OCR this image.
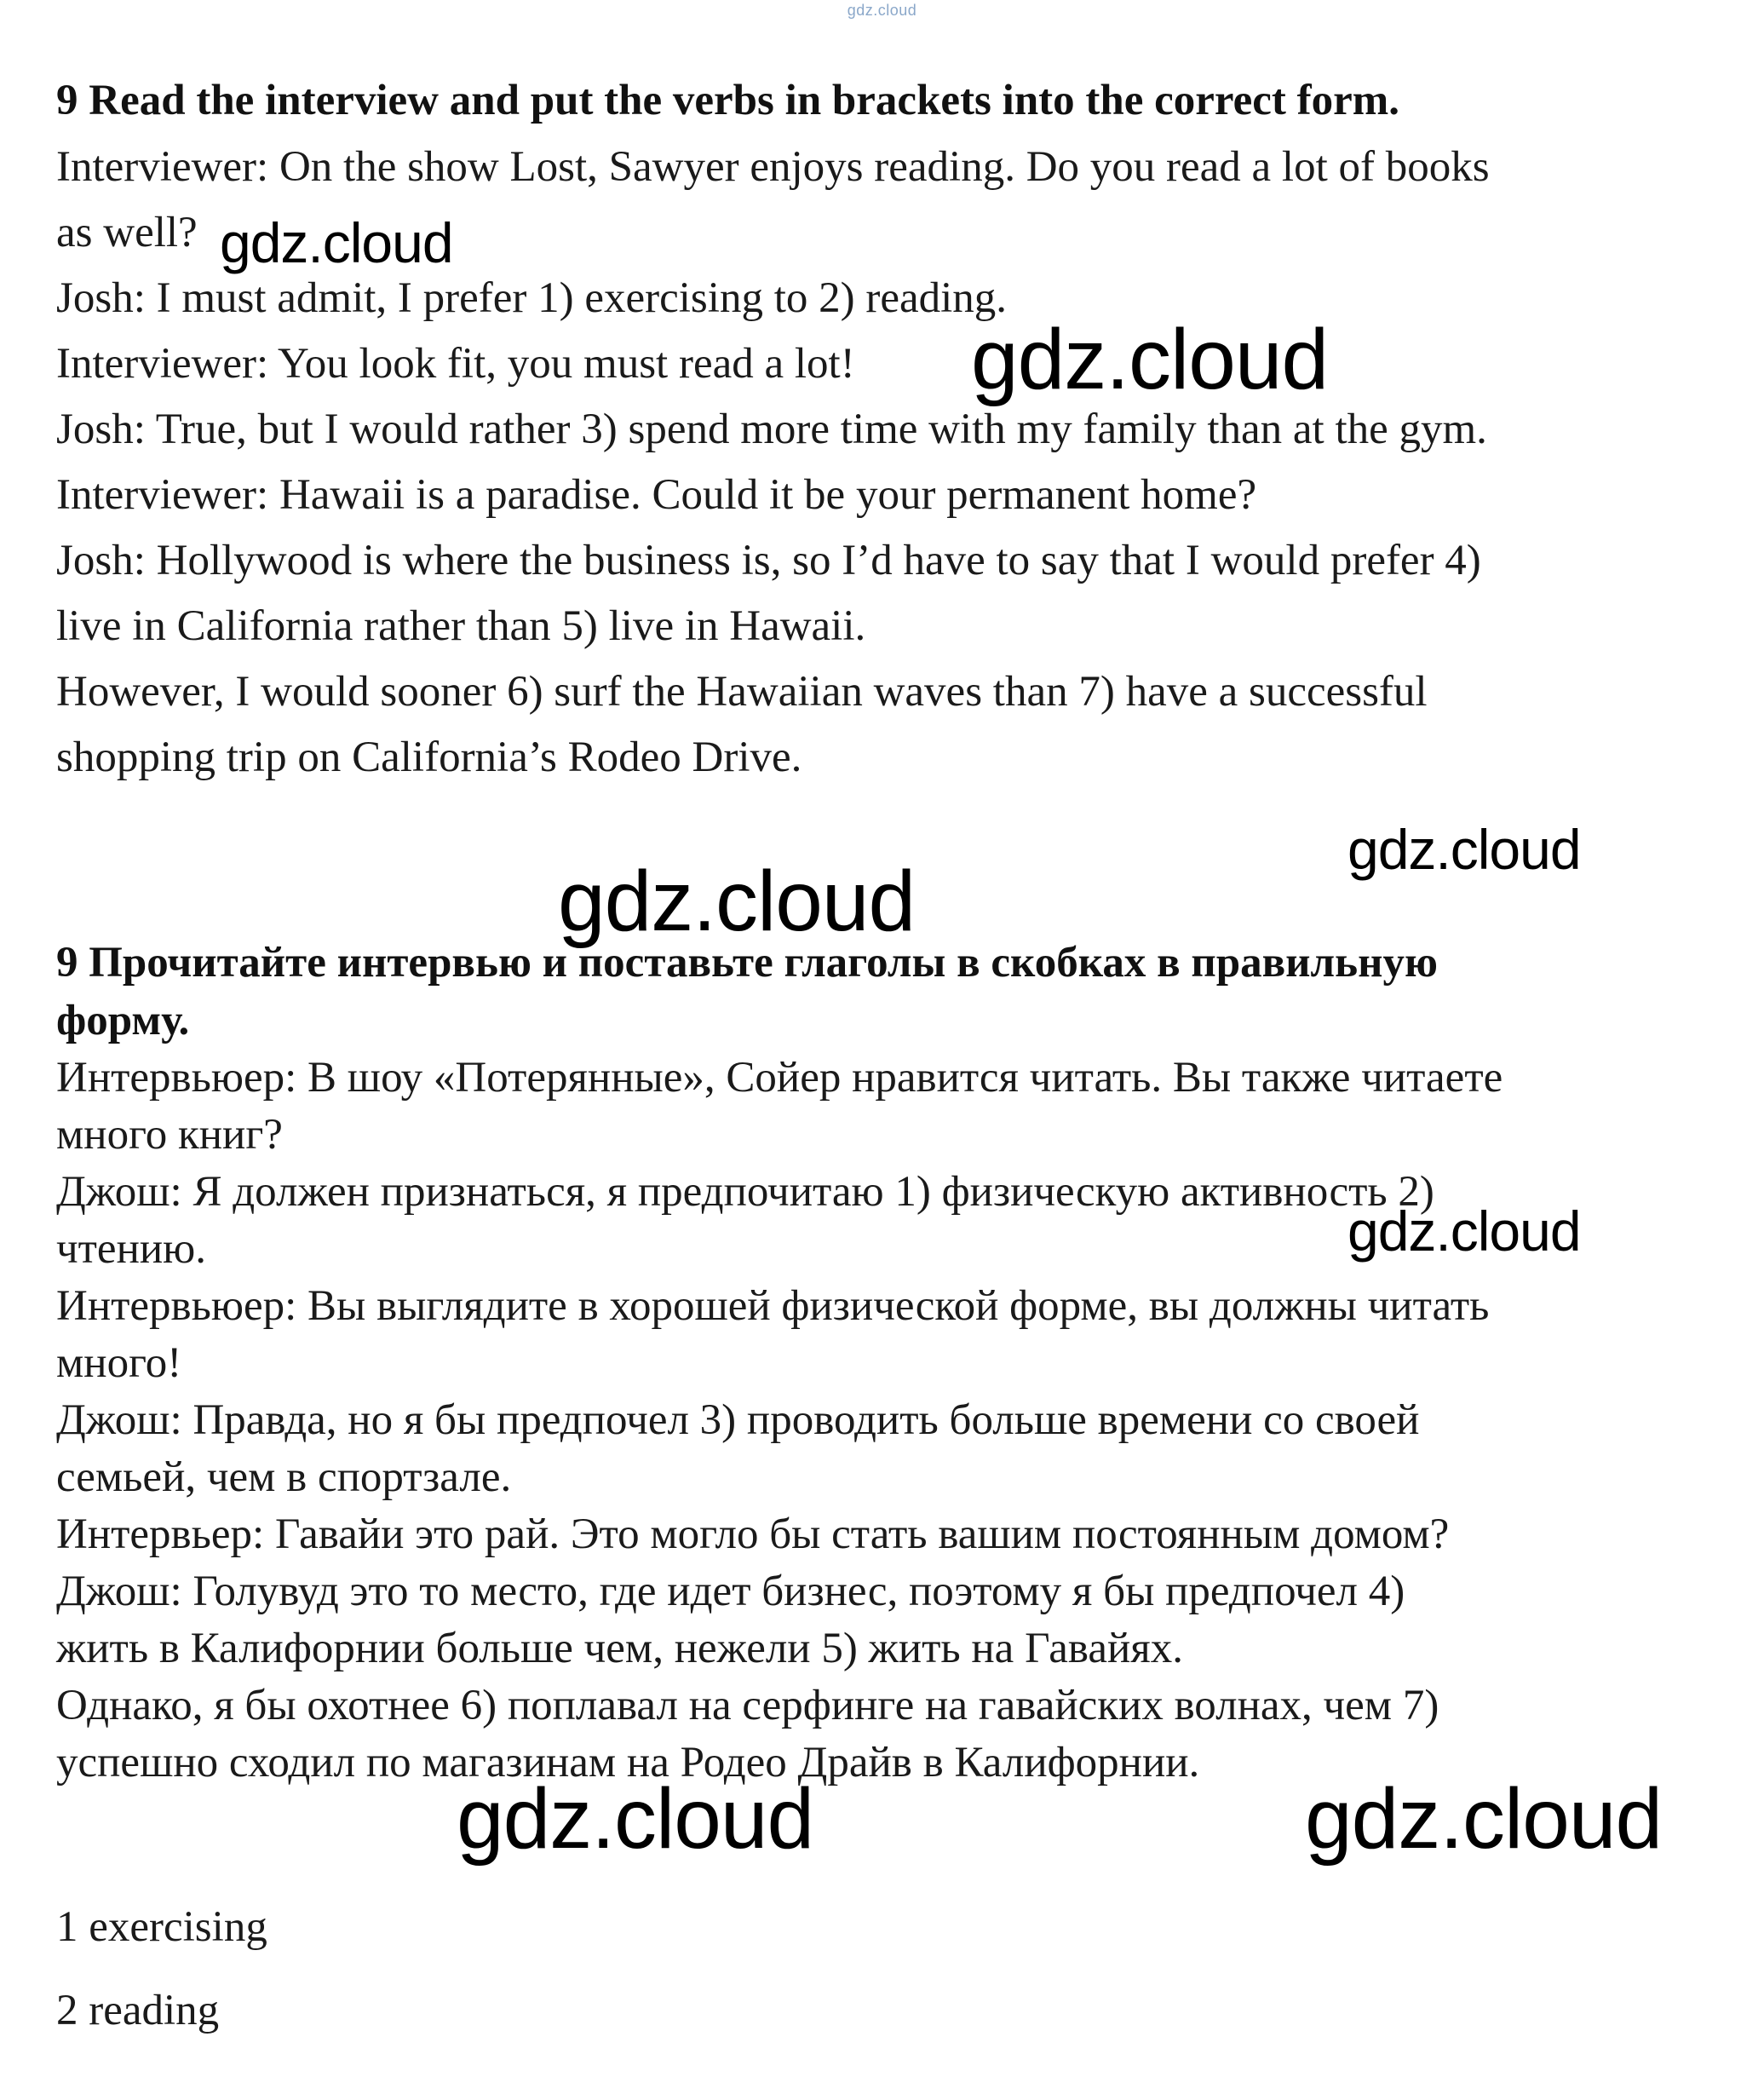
gdz.cloud
9 Read the interview and put the verbs in brackets into the correct form.
Interviewer: On the show Lost, Sawyer enjoys reading. Do you read a lot of books
as well?
Josh: I must admit, I prefer 1) exercising to 2) reading.
Interviewer: You look fit, you must read a lot!
Josh: True, but I would rather 3) spend more time with my family than at the gym.
Interviewer: Hawaii is a paradise. Could it be your permanent home?
Josh: Hollywood is where the business is, so I’d have to say that I would prefer 4)
live in California rather than 5) live in Hawaii.
However, I would sooner 6) surf the Hawaiian waves than 7) have a successful
shopping trip on California’s Rodeo Drive.
9 Прочитайте интервью и поставьте глаголы в скобках в правильную
форму.
Интервьюер: В шоу «Потерянные», Сойер нравится читать. Вы также читаете
много книг?
Джош: Я должен признаться, я предпочитаю 1) физическую активность 2)
чтению.
Интервьюер: Вы выглядите в хорошей физической форме, вы должны читать
много!
Джош: Правда, но я бы предпочел 3) проводить больше времени со своей
семьей, чем в спортзале.
Интервьер: Гавайи это рай. Это могло бы стать вашим постоянным домом?
Джош: Голувуд это то место, где идет бизнес, поэтому я бы предпочел 4)
жить в Калифорнии больше чем, нежели 5) жить на Гавайях.
Однако, я бы охотнее 6) поплавал на серфинге на гавайских волнах, чем 7)
успешно сходил по магазинам на Родео Драйв в Калифорнии.
1 exercising
2 reading
gdz.cloud
gdz.cloud
gdz.cloud
gdz.cloud
gdz.cloud
gdz.cloud	gdz.cloud
